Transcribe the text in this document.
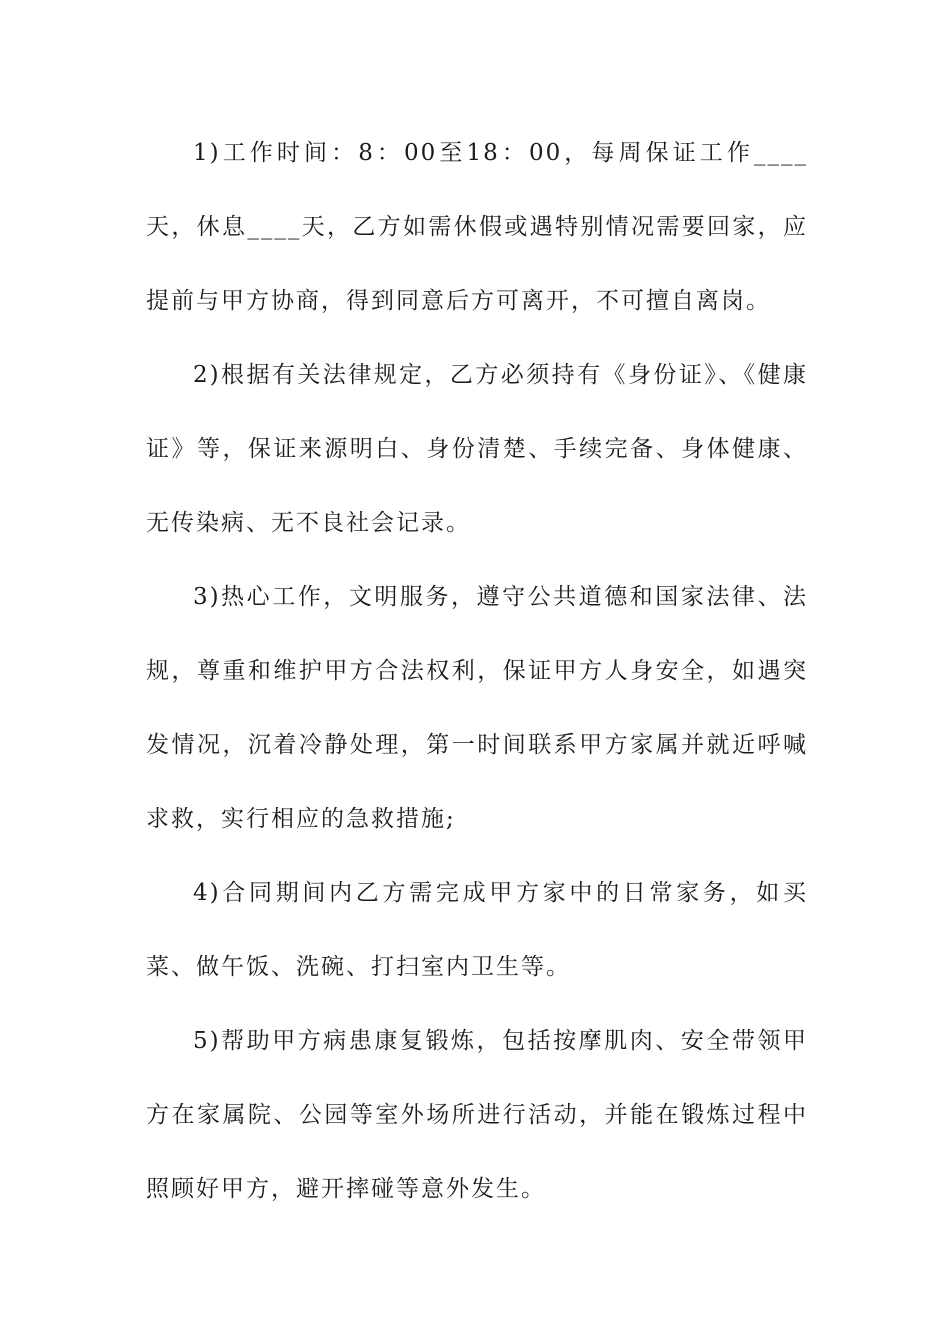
1)工作时间：8：00至18：00，每周保证工作____天，休息____天，乙方如需休假或遇特别情况需要回家，应提前与甲方协商，得到同意后方可离开，不可擅自离岗。

2)根据有关法律规定，乙方必须持有《身份证》、《健康证》等，保证来源明白、身份清楚、手续完备、身体健康、无传染病、无不良社会记录。

3)热心工作，文明服务，遵守公共道德和国家法律、法规，尊重和维护甲方合法权利，保证甲方人身安全，如遇突发情况，沉着冷静处理，第一时间联系甲方家属并就近呼喊求救，实行相应的急救措施;

4)合同期间内乙方需完成甲方家中的日常家务，如买菜、做午饭、洗碗、打扫室内卫生等。

5)帮助甲方病患康复锻炼，包括按摩肌肉、安全带领甲方在家属院、公园等室外场所进行活动，并能在锻炼过程中照顾好甲方，避开摔碰等意外发生。
